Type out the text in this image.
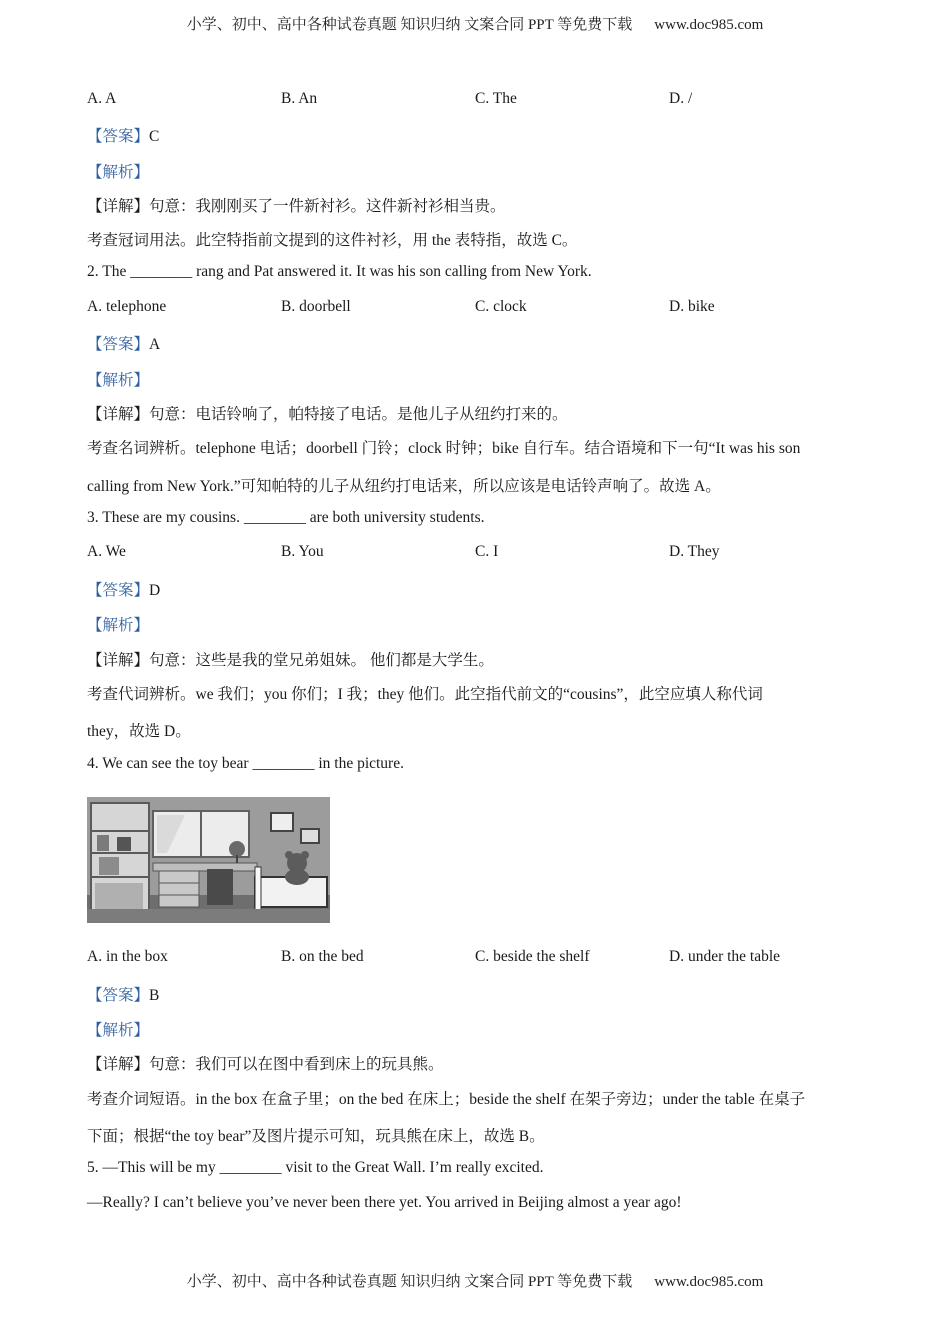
小学、初中、高中各种试卷真题 知识归纳 文案合同 PPT 等免费下载 www.doc985.com
A. A	B. An	C. The	D. /
【答案】C
【解析】
【详解】句意：我刚刚买了一件新衬衫。这件新衬衫相当贵。
考查冠词用法。此空特指前文提到的这件衬衫，用 the 表特指，故选 C。
2. The ________ rang and Pat answered it. It was his son calling from New York.
A. telephone	B. doorbell	C. clock	D. bike
【答案】A
【解析】
【详解】句意：电话铃响了，帕特接了电话。是他儿子从纽约打来的。
考查名词辨析。telephone 电话；doorbell 门铃；clock 时钟；bike 自行车。结合语境和下一句“It was his son
calling from New York.”可知帕特的儿子从纽约打电话来，所以应该是电话铃声响了。故选 A。
3. These are my cousins. ________ are both university students.
A. We	B. You	C. I	D. They
【答案】D
【解析】
【详解】句意：这些是我的堂兄弟姐妹。 他们都是大学生。
考查代词辨析。we 我们；you 你们；I 我；they 他们。此空指代前文的“cousins”，此空应填人称代词
they，故选 D。
4. We can see the toy bear ________ in the picture.
A. in the box	B. on the bed	C. beside the shelf	D. under the table
【答案】B
【解析】
【详解】句意：我们可以在图中看到床上的玩具熊。
考查介词短语。in the box 在盒子里；on the bed 在床上；beside the shelf 在架子旁边；under the table 在桌子
下面；根据“the toy bear”及图片提示可知，玩具熊在床上，故选 B。
5. —This will be my ________ visit to the Great Wall. I’m really excited.
—Really? I can’t believe you’ve never been there yet. You arrived in Beijing almost a year ago!
小学、初中、高中各种试卷真题 知识归纳 文案合同 PPT 等免费下载 www.doc985.com
